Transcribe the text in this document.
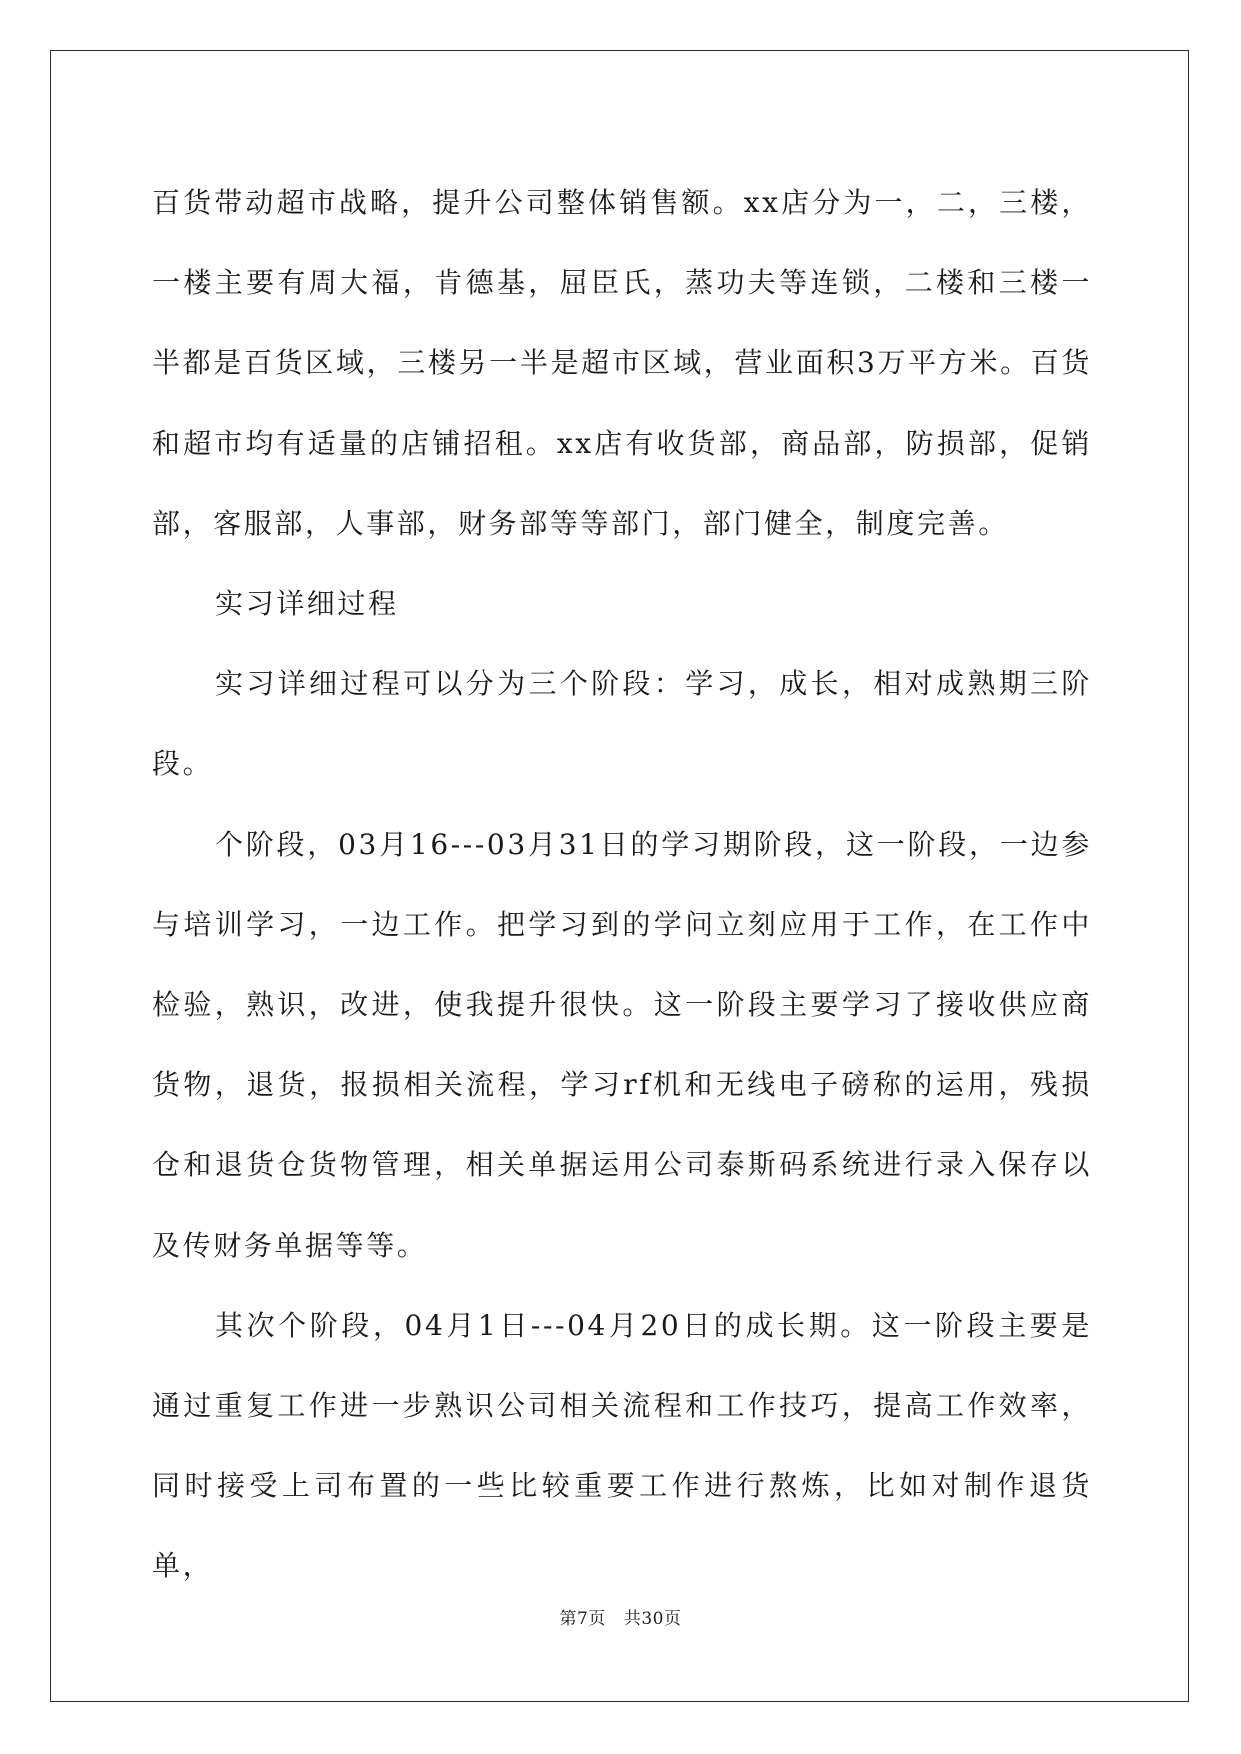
百货带动超市战略，提升公司整体销售额。xx店分为一，二，三楼，一楼主要有周大福，肯德基，屈臣氏，蒸功夫等连锁，二楼和三楼一半都是百货区域，三楼另一半是超市区域，营业面积3万平方米。百货和超市均有适量的店铺招租。xx店有收货部，商品部，防损部，促销部，客服部，人事部，财务部等等部门，部门健全，制度完善。

实习详细过程

实习详细过程可以分为三个阶段：学习，成长，相对成熟期三阶段。

个阶段，03月16---03月31日的学习期阶段，这一阶段，一边参与培训学习，一边工作。把学习到的学问立刻应用于工作，在工作中检验，熟识，改进，使我提升很快。这一阶段主要学习了接收供应商货物，退货，报损相关流程，学习rf机和无线电子磅称的运用，残损仓和退货仓货物管理，相关单据运用公司泰斯码系统进行录入保存以及传财务单据等等。

其次个阶段，04月1日---04月20日的成长期。这一阶段主要是通过重复工作进一步熟识公司相关流程和工作技巧，提高工作效率，同时接受上司布置的一些比较重要工作进行熬炼，比如对制作退货单，

第7页 共30页
